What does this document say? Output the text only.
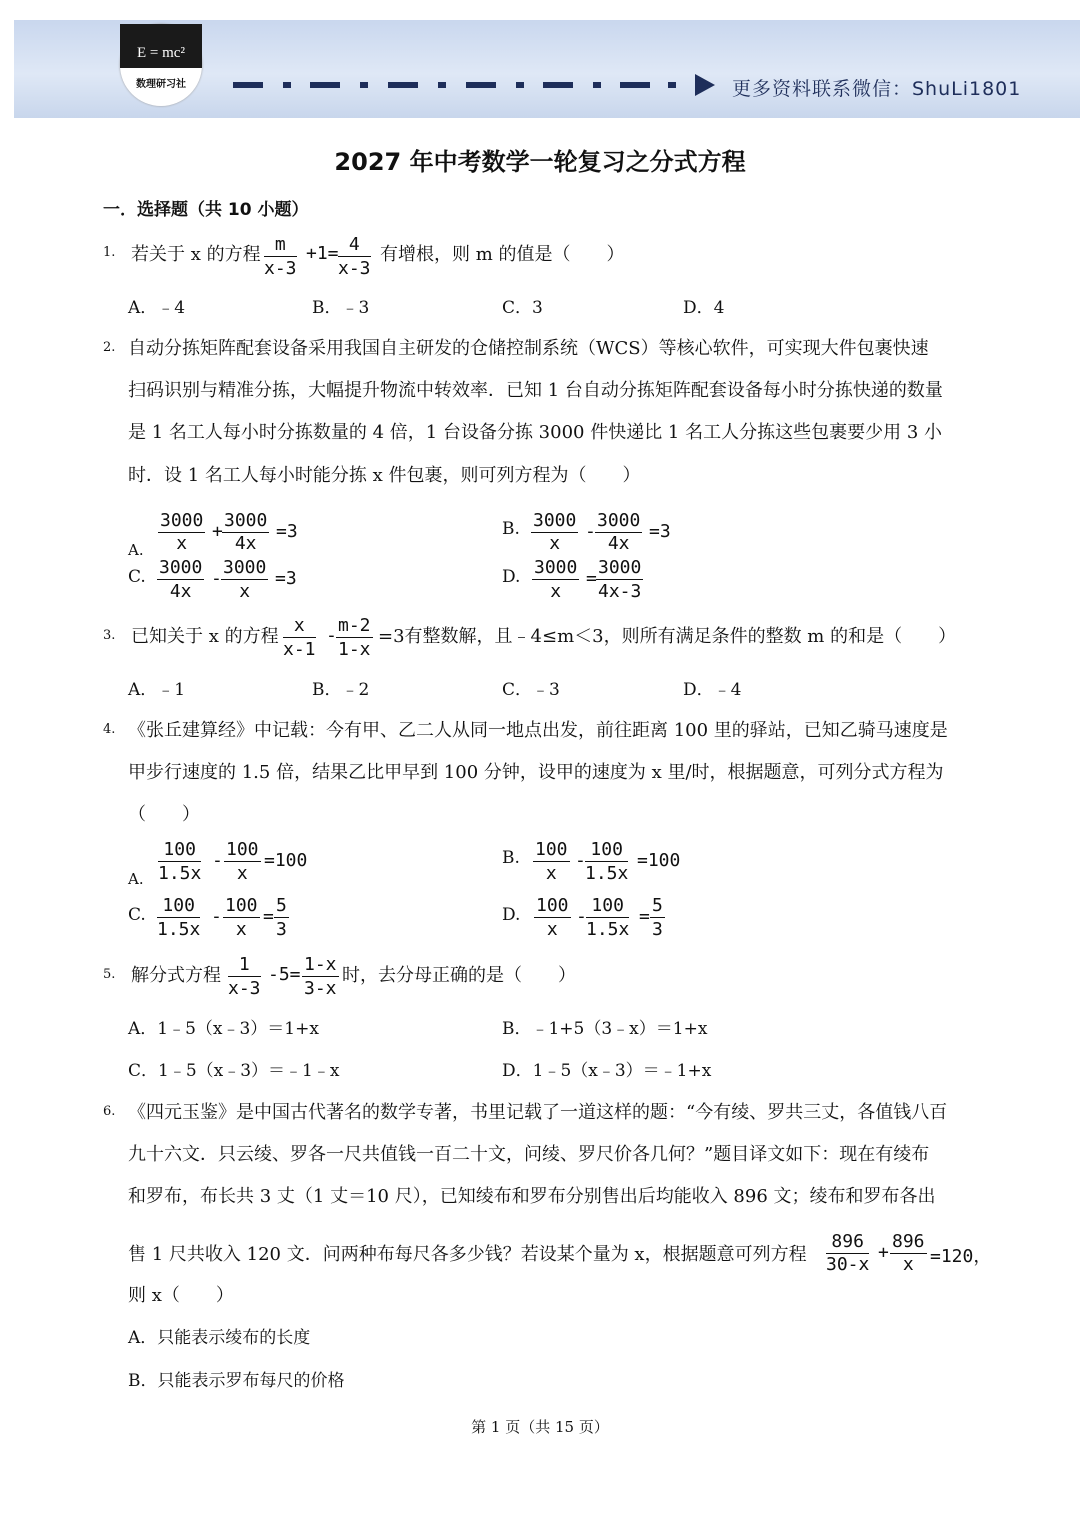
E = mc²
数理研习社	更多资料联系微信：ShuLi1801
2027 年中考数学一轮复习之分式方程
一．选择题（共 10 小题）
1. 若关于 x 的方程 $\frac{m}{x-3} +1= \frac{4}{x-3}$ 有增根，则 m 的值是（　　）
A．﹣4	B．﹣3	C．3	D．4
2. 自动分拣矩阵配套设备采用我国自主研发的仓储控制系统（WCS）等核心软件，可实现大件包裹快速
扫码识别与精准分拣，大幅提升物流中转效率．已知 1 台自动分拣矩阵配套设备每小时分拣快递的数量
是 1 名工人每小时分拣数量的 4 倍，1 台设备分拣 3000 件快递比 1 名工人分拣这些包裹要少用 3 小
时．设 1 名工人每小时能分拣 x 件包裹，则可列方程为（　　）
A.
$\frac{3000}{x} + \frac{3000}{4x} =3$	B. $\frac{3000}{x} - \frac{3000}{4x} =3$
C. $\frac{3000}{4x} - \frac{3000}{x} =3$	D. $\frac{3000}{x} = \frac{3000}{4x-3}$
3. 已知关于 x 的方程 $\frac{x}{x-1} - \frac{m-2}{1-x} =3$有整数解，且﹣4≤m＜3，则所有满足条件的整数 m 的和是（　　）
A．﹣1	B．﹣2	C．﹣3	D．﹣4
4. 《张丘建算经》中记载：今有甲、乙二人从同一地点出发，前往距离 100 里的驿站，已知乙骑马速度是
甲步行速度的 1.5 倍，结果乙比甲早到 100 分钟，设甲的速度为 x 里/时，根据题意，可列分式方程为
（　　）
A. $\frac{100}{1.5x} - \frac{100}{x} =100$	B. $\frac{100}{x} - \frac{100}{1.5x} =100$
C. $\frac{100}{1.5x} - \frac{100}{x} = \frac{5}{3}$	D. $\frac{100}{x} - \frac{100}{1.5x} = \frac{5}{3}$
5. 解分式方程 $\frac{1}{x-3} -5= \frac{1-x}{3-x}$ 时，去分母正确的是（　　）
A．1﹣5（x﹣3）＝1+x	B．﹣1+5（3﹣x）＝1+x
C．1﹣5（x﹣3）＝﹣1﹣x	D．1﹣5（x﹣3）＝﹣1+x
6. 《四元玉鉴》是中国古代著名的数学专著，书里记载了一道这样的题：“今有绫、罗共三丈，各值钱八百
九十六文．只云绫、罗各一尺共值钱一百二十文，问绫、罗尺价各几何？”题目译文如下：现在有绫布
和罗布，布长共 3 丈（1 丈＝10 尺），已知绫布和罗布分别售出后均能收入 896 文；绫布和罗布各出
售 1 尺共收入 120 文．问两种布每尺各多少钱？若设某个量为 x，根据题意可列方程 $\frac{896}{30-x} + \frac{896}{x} =120$，
则 x（　　）
A．只能表示绫布的长度
B．只能表示罗布每尺的价格
第 1 页（共 15 页）
